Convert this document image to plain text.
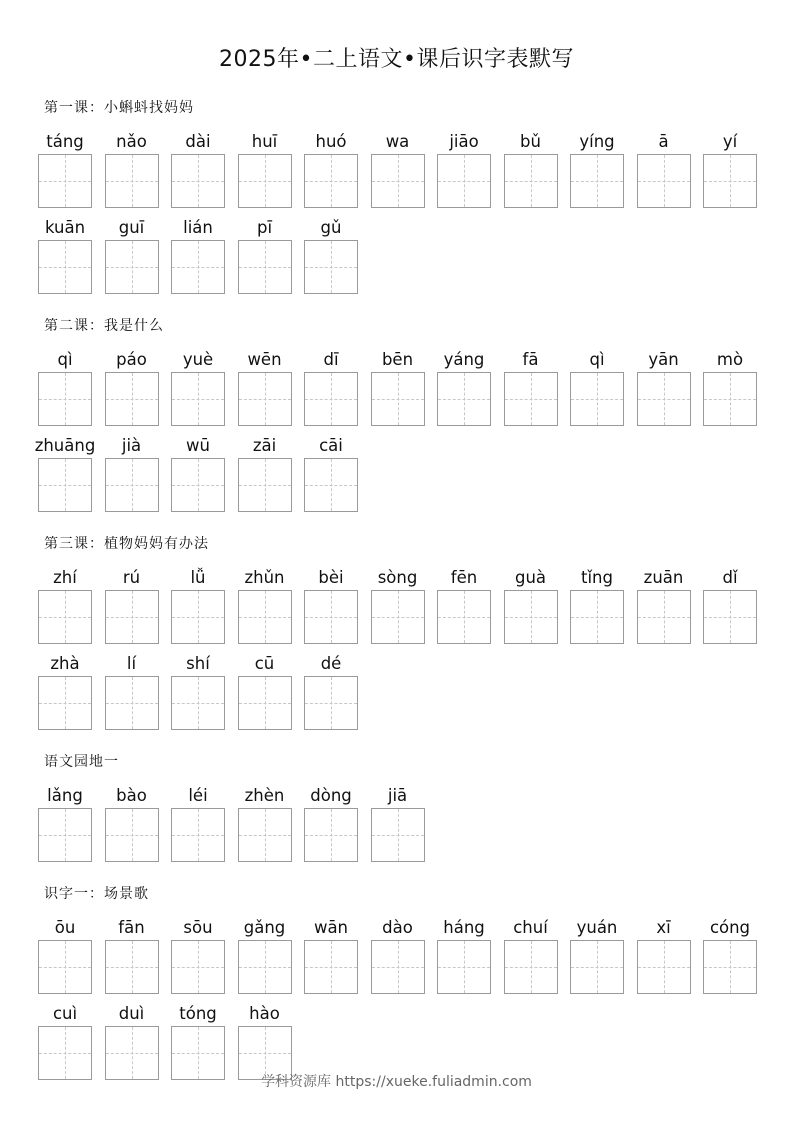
2025年•二上语文•课后识字表默写
第一课：小蝌蚪找妈妈
táng	nǎo	dài	huī	huó	wa	jiāo	bǔ	yíng	ā	yí
kuān	guī	lián	pī	gǔ
第二课：我是什么
qì	páo	yuè	wēn	dī	bēn	yáng	fā	qì	yān	mò
zhuāng	jià	wū	zāi	cāi
第三课：植物妈妈有办法
zhí	rú	lǚ	zhǔn	bèi	sòng	fēn	guà	tǐng	zuān	dǐ
zhà	lí	shí	cū	dé
语文园地一
lǎng	bào	léi	zhèn	dòng	jiā
识字一：场景歌
ōu	fān	sōu	gǎng	wān	dào	háng	chuí	yuán	xī	cóng
cuì	duì	tóng	hào
学科资源库 https://xueke.fuliadmin.com
